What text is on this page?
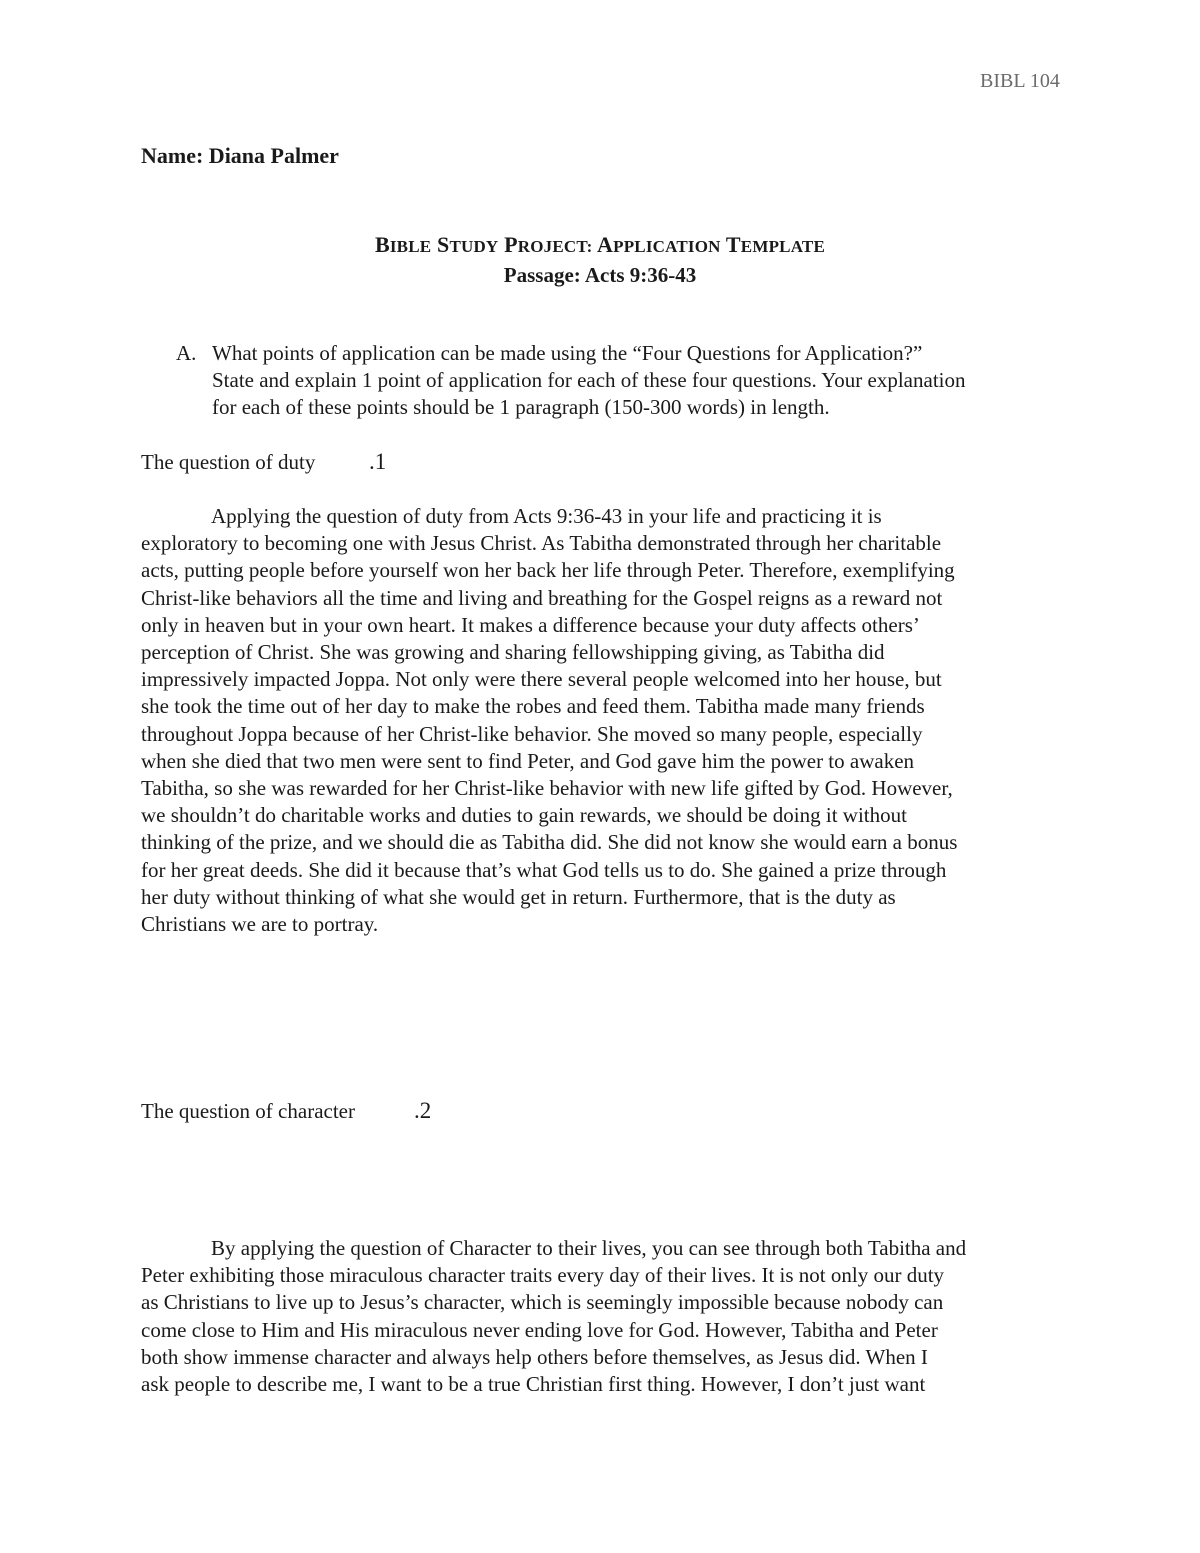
BIBL 104
Name: Diana Palmer
BIBLE STUDY PROJECT: APPLICATION TEMPLATE
Passage: Acts 9:36-43
A. What points of application can be made using the “Four Questions for Application?”
State and explain 1 point of application for each of these four questions. Your explanation
for each of these points should be 1 paragraph (150-300 words) in length.
The question of duty .1
Applying the question of duty from Acts 9:36-43 in your life and practicing it is
exploratory to becoming one with Jesus Christ. As Tabitha demonstrated through her charitable
acts, putting people before yourself won her back her life through Peter. Therefore, exemplifying
Christ-like behaviors all the time and living and breathing for the Gospel reigns as a reward not
only in heaven but in your own heart. It makes a difference because your duty affects others’
perception of Christ. She was growing and sharing fellowshipping giving, as Tabitha did
impressively impacted Joppa. Not only were there several people welcomed into her house, but
she took the time out of her day to make the robes and feed them. Tabitha made many friends
throughout Joppa because of her Christ-like behavior. She moved so many people, especially
when she died that two men were sent to find Peter, and God gave him the power to awaken
Tabitha, so she was rewarded for her Christ-like behavior with new life gifted by God. However,
we shouldn’t do charitable works and duties to gain rewards, we should be doing it without
thinking of the prize, and we should die as Tabitha did. She did not know she would earn a bonus
for her great deeds. She did it because that’s what God tells us to do. She gained a prize through
her duty without thinking of what she would get in return. Furthermore, that is the duty as
Christians we are to portray.
The question of character	.2
By applying the question of Character to their lives, you can see through both Tabitha and
Peter exhibiting those miraculous character traits every day of their lives. It is not only our duty
as Christians to live up to Jesus’s character, which is seemingly impossible because nobody can
come close to Him and His miraculous never ending love for God. However, Tabitha and Peter
both show immense character and always help others before themselves, as Jesus did. When I
ask people to describe me, I want to be a true Christian first thing. However, I don’t just want
